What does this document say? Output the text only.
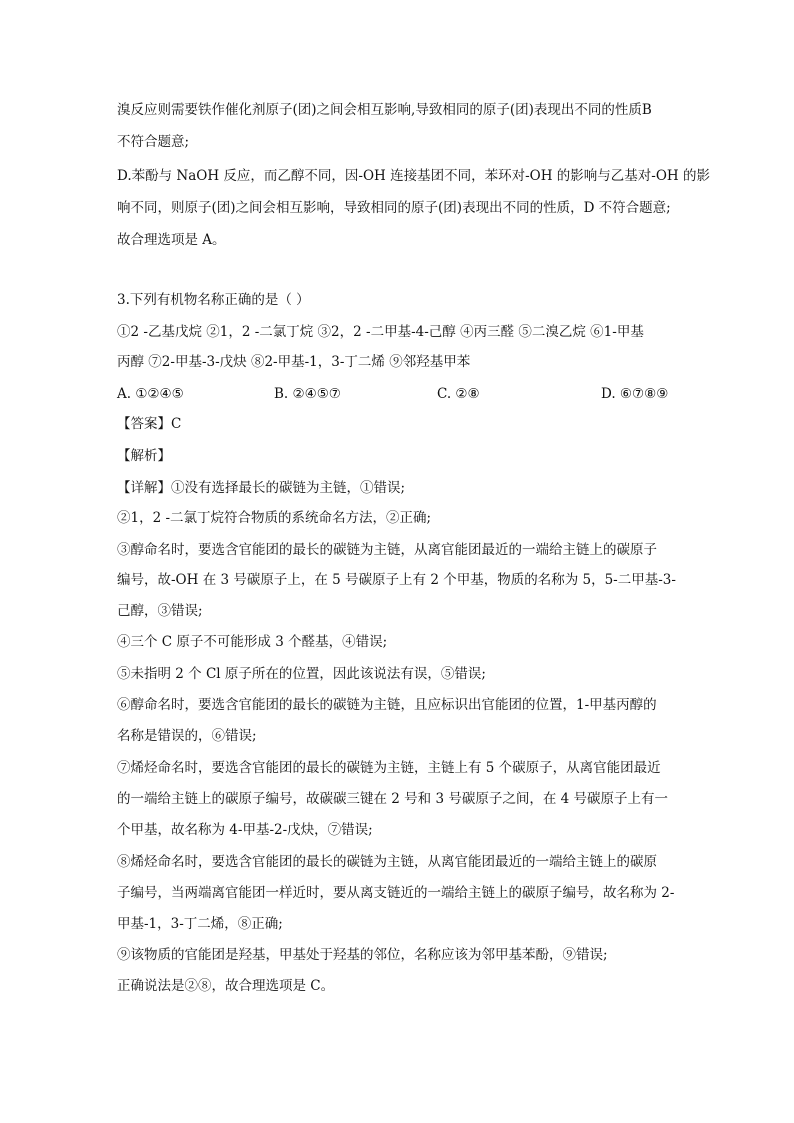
溴反应则需要铁作催化剂原子(团)之间会相互影响,导致相同的原子(团)表现出不同的性质B
不符合题意;
D.苯酚与 NaOH 反应，而乙醇不同，因-OH 连接基团不同，苯环对-OH 的影响与乙基对-OH 的影
响不同，则原子(团)之间会相互影响，导致相同的原子(团)表现出不同的性质，D 不符合题意;
故合理选项是 A。
3.下列有机物名称正确的是（ ）
①2 -乙基戊烷 ②1，2 -二氯丁烷 ③2，2 -二甲基-4-己醇 ④丙三醛 ⑤二溴乙烷 ⑥1-甲基
丙醇 ⑦2-甲基-3-戊炔 ⑧2-甲基-1，3-丁二烯 ⑨邻羟基甲苯
A. ①②④⑤	B. ②④⑤⑦	C. ②⑧	D. ⑥⑦⑧⑨
【答案】C
【解析】
【详解】①没有选择最长的碳链为主链，①错误;
②1，2 -二氯丁烷符合物质的系统命名方法，②正确;
③醇命名时，要选含官能团的最长的碳链为主链，从离官能团最近的一端给主链上的碳原子
编号，故-OH 在 3 号碳原子上，在 5 号碳原子上有 2 个甲基，物质的名称为 5，5-二甲基-3-
己醇，③错误;
④三个 C 原子不可能形成 3 个醛基，④错误;
⑤未指明 2 个 Cl 原子所在的位置，因此该说法有误，⑤错误;
⑥醇命名时，要选含官能团的最长的碳链为主链，且应标识出官能团的位置，1-甲基丙醇的
名称是错误的，⑥错误;
⑦烯烃命名时，要选含官能团的最长的碳链为主链，主链上有 5 个碳原子，从离官能团最近
的一端给主链上的碳原子编号，故碳碳三键在 2 号和 3 号碳原子之间，在 4 号碳原子上有一
个甲基，故名称为 4-甲基-2-戊炔，⑦错误;
⑧烯烃命名时，要选含官能团的最长的碳链为主链，从离官能团最近的一端给主链上的碳原
子编号，当两端离官能团一样近时，要从离支链近的一端给主链上的碳原子编号，故名称为 2-
甲基-1，3-丁二烯，⑧正确;
⑨该物质的官能团是羟基，甲基处于羟基的邻位，名称应该为邻甲基苯酚，⑨错误;
正确说法是②⑧，故合理选项是 C。
